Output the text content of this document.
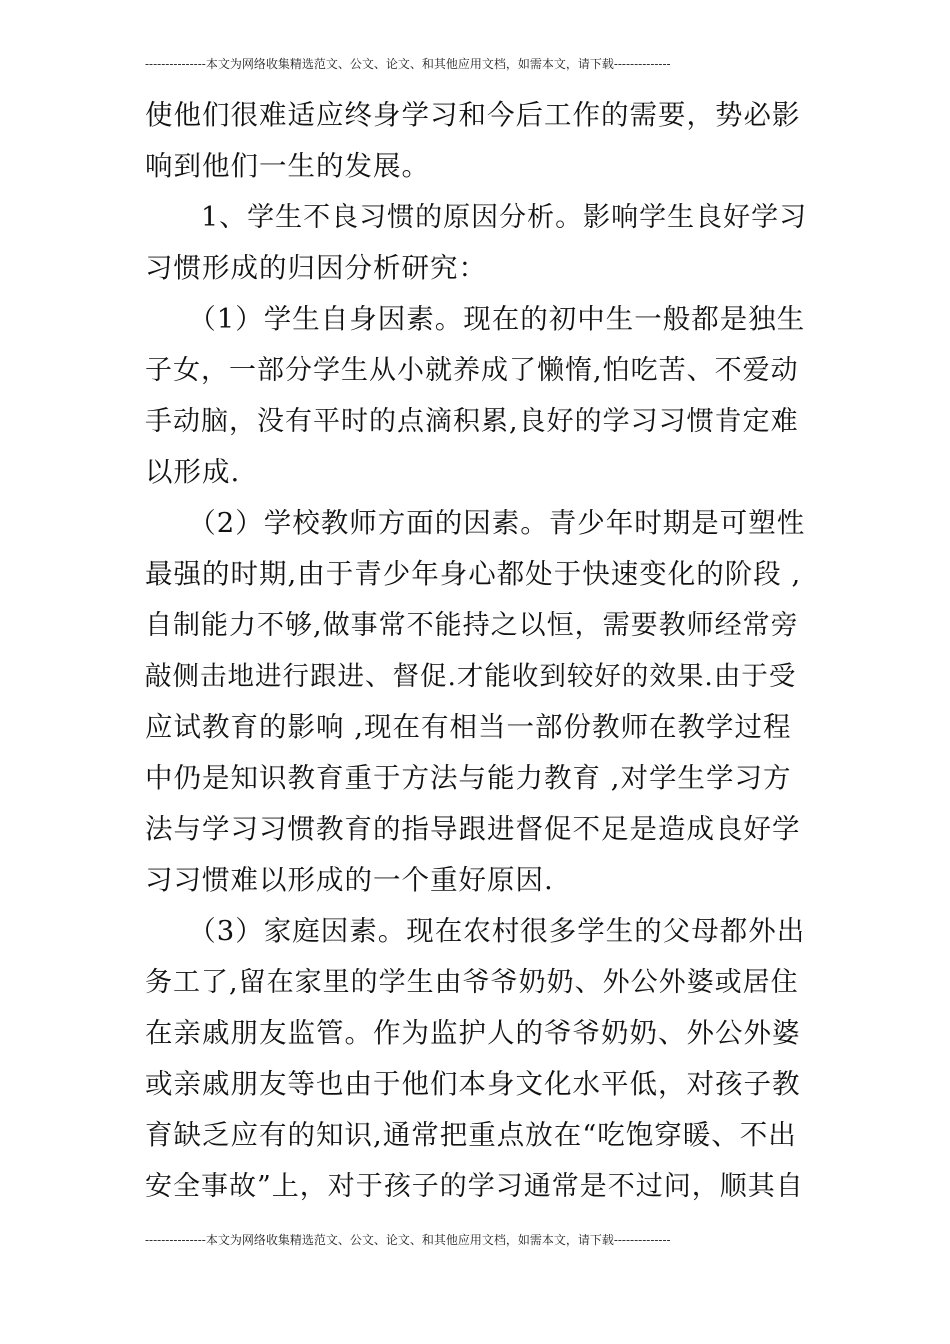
---------------本文为网络收集精选范文、公文、论文、和其他应用文档，如需本文，请下载--------------
使他们很难适应终身学习和今后工作的需要，势必影
响到他们一生的发展。
　　1、学生不良习惯的原因分析。影响学生良好学习
习惯形成的归因分析研究：
　　（1）学生自身因素。现在的初中生一般都是独生
子女，一部分学生从小就养成了懒惰,怕吃苦、不爱动
手动脑，没有平时的点滴积累,良好的学习习惯肯定难
以形成.
　　（2）学校教师方面的因素。青少年时期是可塑性
最强的时期,由于青少年身心都处于快速变化的阶段 ,
自制能力不够,做事常不能持之以恒，需要教师经常旁
敲侧击地进行跟进、督促.才能收到较好的效果.由于受
应试教育的影响 ,现在有相当一部份教师在教学过程
中仍是知识教育重于方法与能力教育 ,对学生学习方
法与学习习惯教育的指导跟进督促不足是造成良好学
习习惯难以形成的一个重好原因.
　　（3）家庭因素。现在农村很多学生的父母都外出
务工了,留在家里的学生由爷爷奶奶、外公外婆或居住
在亲戚朋友监管。作为监护人的爷爷奶奶、外公外婆
或亲戚朋友等也由于他们本身文化水平低，对孩子教
育缺乏应有的知识,通常把重点放在“吃饱穿暖、不出
安全事故”上，对于孩子的学习通常是不过问，顺其自
---------------本文为网络收集精选范文、公文、论文、和其他应用文档，如需本文，请下载--------------
